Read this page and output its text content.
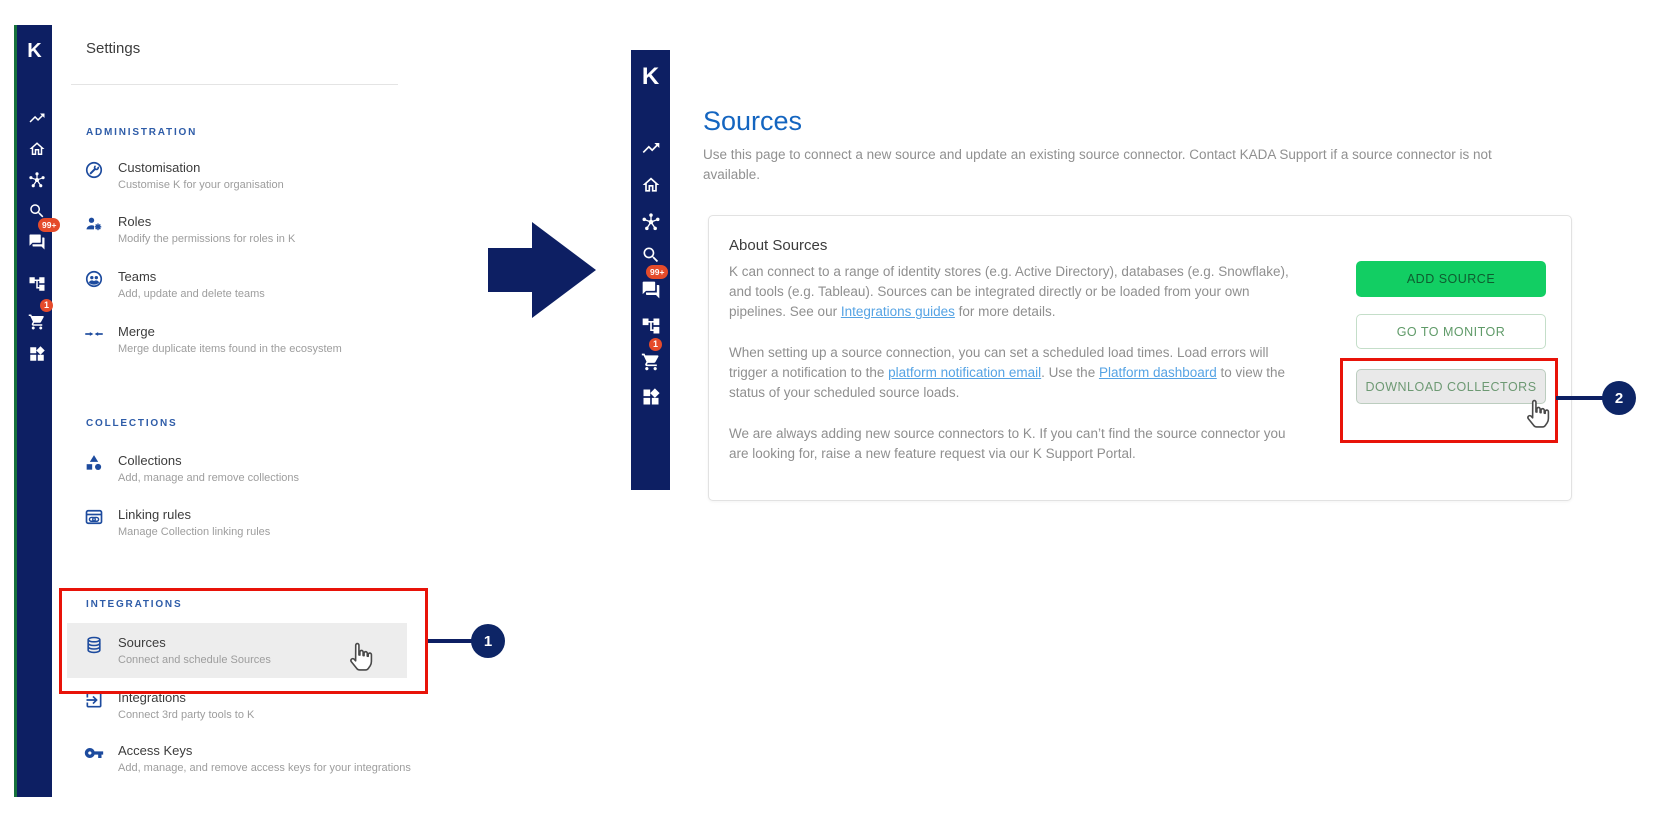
K
99+
1
Settings
ADMINISTRATION
Customisation
Customise K for your organisation
Roles
Modify the permissions for roles in K
Teams
Add, update and delete teams
Merge
Merge duplicate items found in the ecosystem
COLLECTIONS
Collections
Add, manage and remove collections
Linking rules
Manage Collection linking rules
INTEGRATIONS
Sources
Connect and schedule Sources
Integrations
Connect 3rd party tools to K
Access Keys
Add, manage, and remove access keys for your integrations
K
99+
1
Sources
Use this page to connect a new source and update an existing source connector. Contact KADA Support if a source connector is not available.
About Sources

K can connect to a range of identity stores (e.g. Active Directory), databases (e.g. Snowflake), and tools (e.g. Tableau). Sources can be integrated directly or be loaded from your own pipelines. See our Integrations guides for more details.

When setting up a source connection, you can set a scheduled load times. Load errors will trigger a notification to the platform notification email. Use the Platform dashboard to view the status of your scheduled source loads.

We are always adding new source connectors to K. If you can’t find the source connector you are looking for, raise a new feature request via our K Support Portal.

ADD SOURCE
GO TO MONITOR
DOWNLOAD COLLECTORS
1
2
